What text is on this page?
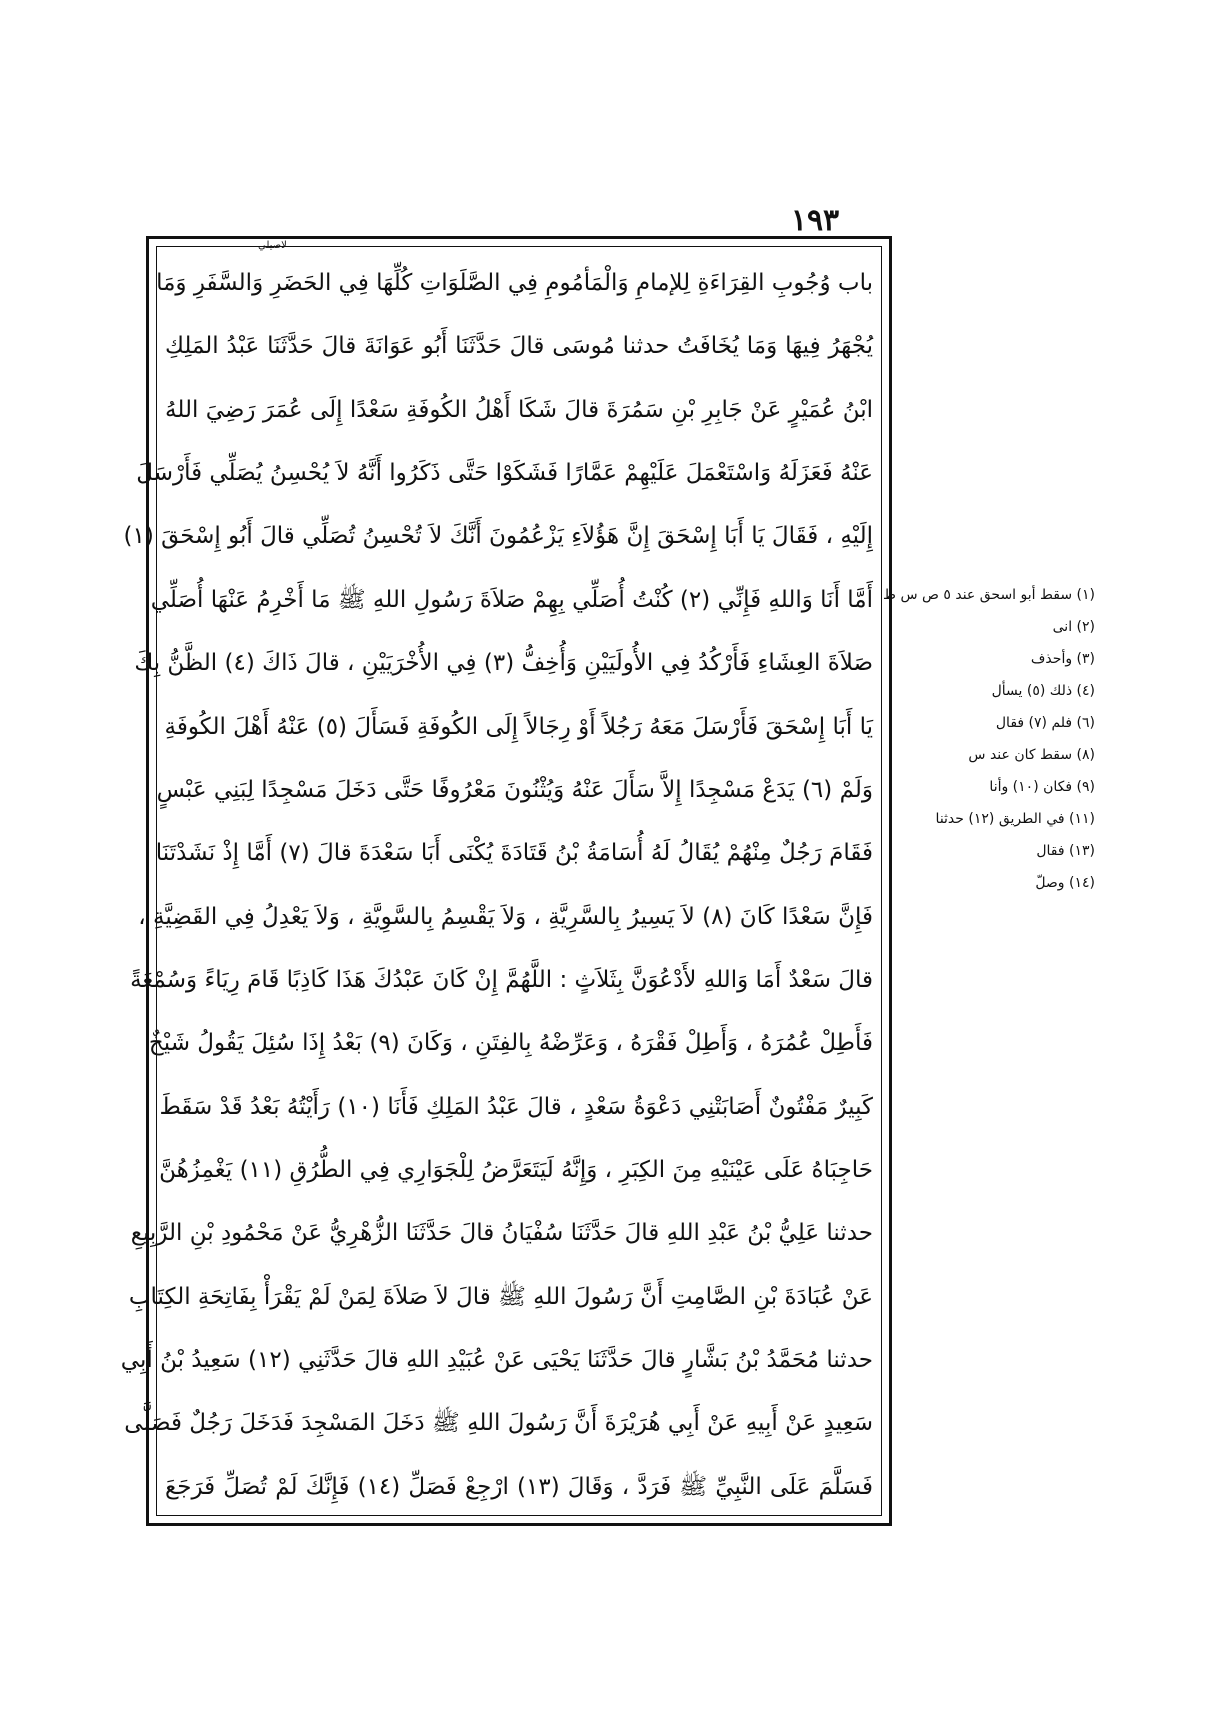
١٩٣
لاصيلي
باب وُجُوبِ القِرَاءَةِ لِلإمامِ وَالْمَأمُومِ فِي الصَّلَوَاتِ كُلِّهَا فِي الحَضَرِ وَالسَّفَرِ وَمَا
يُجْهَرُ فِيهَا وَمَا يُخَافَتُ حدثنا مُوسَى قالَ حَدَّثَنَا أَبُو عَوَانَةَ قالَ حَدَّثَنَا عَبْدُ المَلِكِ
ابْنُ عُمَيْرٍ عَنْ جَابِرِ بْنِ سَمُرَةَ قالَ شَكَا أَهْلُ الكُوفَةِ سَعْدًا إِلَى عُمَرَ رَضِيَ اللهُ
عَنْهُ فَعَزَلَهُ وَاسْتَعْمَلَ عَلَيْهِمْ عَمَّارًا فَشَكَوْا حَتَّى ذَكَرُوا أَنَّهُ لاَ يُحْسِنُ يُصَلِّي فَأَرْسَلَ
إِلَيْهِ ، فَقَالَ يَا أَبَا إِسْحَقَ إِنَّ هَؤُلاَءِ يَزْعُمُونَ أَنَّكَ لاَ تُحْسِنُ تُصَلِّي قالَ أَبُو إِسْحَقَ (١)
أَمَّا أَنَا وَاللهِ فَإِنِّي (٢) كُنْتُ أُصَلِّي بِهِمْ صَلاَةَ رَسُولِ اللهِ ﷺ مَا أَخْرِمُ عَنْهَا أُصَلِّي
صَلاَةَ العِشَاءِ فَأَرْكُدُ فِي الأُولَيَيْنِ وَأُخِفُّ (٣) فِي الأُخْرَيَيْنِ ، قالَ ذَاكَ (٤) الظَّنُّ بِكَ
يَا أَبَا إِسْحَقَ فَأَرْسَلَ مَعَهُ رَجُلاً أَوْ رِجَالاً إِلَى الكُوفَةِ فَسَأَلَ (٥) عَنْهُ أَهْلَ الكُوفَةِ
وَلَمْ (٦) يَدَعْ مَسْجِدًا إِلاَّ سَأَلَ عَنْهُ وَيُثْنُونَ مَعْرُوفًا حَتَّى دَخَلَ مَسْجِدًا لِبَنِي عَبْسٍ
فَقَامَ رَجُلٌ مِنْهُمْ يُقَالُ لَهُ أُسَامَةُ بْنُ قَتَادَةَ يُكْنَى أَبَا سَعْدَةَ قالَ (٧) أَمَّا إِذْ نَشَدْتَنَا
فَإِنَّ سَعْدًا كَانَ (٨) لاَ يَسِيرُ بِالسَّرِيَّةِ ، وَلاَ يَقْسِمُ بِالسَّوِيَّةِ ، وَلاَ يَعْدِلُ فِي القَضِيَّةِ ،
قالَ سَعْدٌ أَمَا وَاللهِ لأَدْعُوَنَّ بِثَلاَثٍ : اللَّهُمَّ إِنْ كَانَ عَبْدُكَ هَذَا كَاذِبًا قَامَ رِيَاءً وَسُمْعَةً
فَأَطِلْ عُمُرَهُ ، وَأَطِلْ فَقْرَهُ ، وَعَرِّضْهُ بِالفِتَنِ ، وَكَانَ (٩) بَعْدُ إِذَا سُئِلَ يَقُولُ شَيْخٌ
كَبِيرٌ مَفْتُونٌ أَصَابَتْنِي دَعْوَةُ سَعْدٍ ، قالَ عَبْدُ المَلِكِ فَأَنَا (١٠) رَأَيْتُهُ بَعْدُ قَدْ سَقَطَ
حَاجِبَاهُ عَلَى عَيْنَيْهِ مِنَ الكِبَرِ ، وَإِنَّهُ لَيَتَعَرَّضُ لِلْجَوَارِي فِي الطُّرُقِ (١١) يَغْمِزُهُنَّ
حدثنا عَلِيُّ بْنُ عَبْدِ اللهِ قالَ حَدَّثَنَا سُفْيَانُ قالَ حَدَّثَنَا الزُّهْرِيُّ عَنْ مَحْمُودِ بْنِ الرَّبِيعِ
عَنْ عُبَادَةَ بْنِ الصَّامِتِ أَنَّ رَسُولَ اللهِ ﷺ قالَ لاَ صَلاَةَ لِمَنْ لَمْ يَقْرَأْ بِفَاتِحَةِ الكِتَابِ
حدثنا مُحَمَّدُ بْنُ بَشَّارٍ قالَ حَدَّثَنَا يَحْيَى عَنْ عُبَيْدِ اللهِ قالَ حَدَّثَنِي (١٢) سَعِيدُ بْنُ أَبِي
سَعِيدٍ عَنْ أَبِيهِ عَنْ أَبِي هُرَيْرَةَ أَنَّ رَسُولَ اللهِ ﷺ دَخَلَ المَسْجِدَ فَدَخَلَ رَجُلٌ فَصَلَّى
فَسَلَّمَ عَلَى النَّبِيِّ ﷺ فَرَدَّ ، وَقَالَ (١٣) ارْجِعْ فَصَلِّ (١٤) فَإِنَّكَ لَمْ تُصَلِّ فَرَجَعَ
(١) سقط أبو اسحق عند ٥ ص س ط
(٢) انى
(٣) وأحذف
(٤) ذلك (٥) يسأل
(٦) فلم (٧) فقال
(٨) سقط كان عند س
(٩) فكان (١٠) وأنا
(١١) في الطريق (١٢) حدثنا
(١٣) فقال
(١٤) وصلّ
